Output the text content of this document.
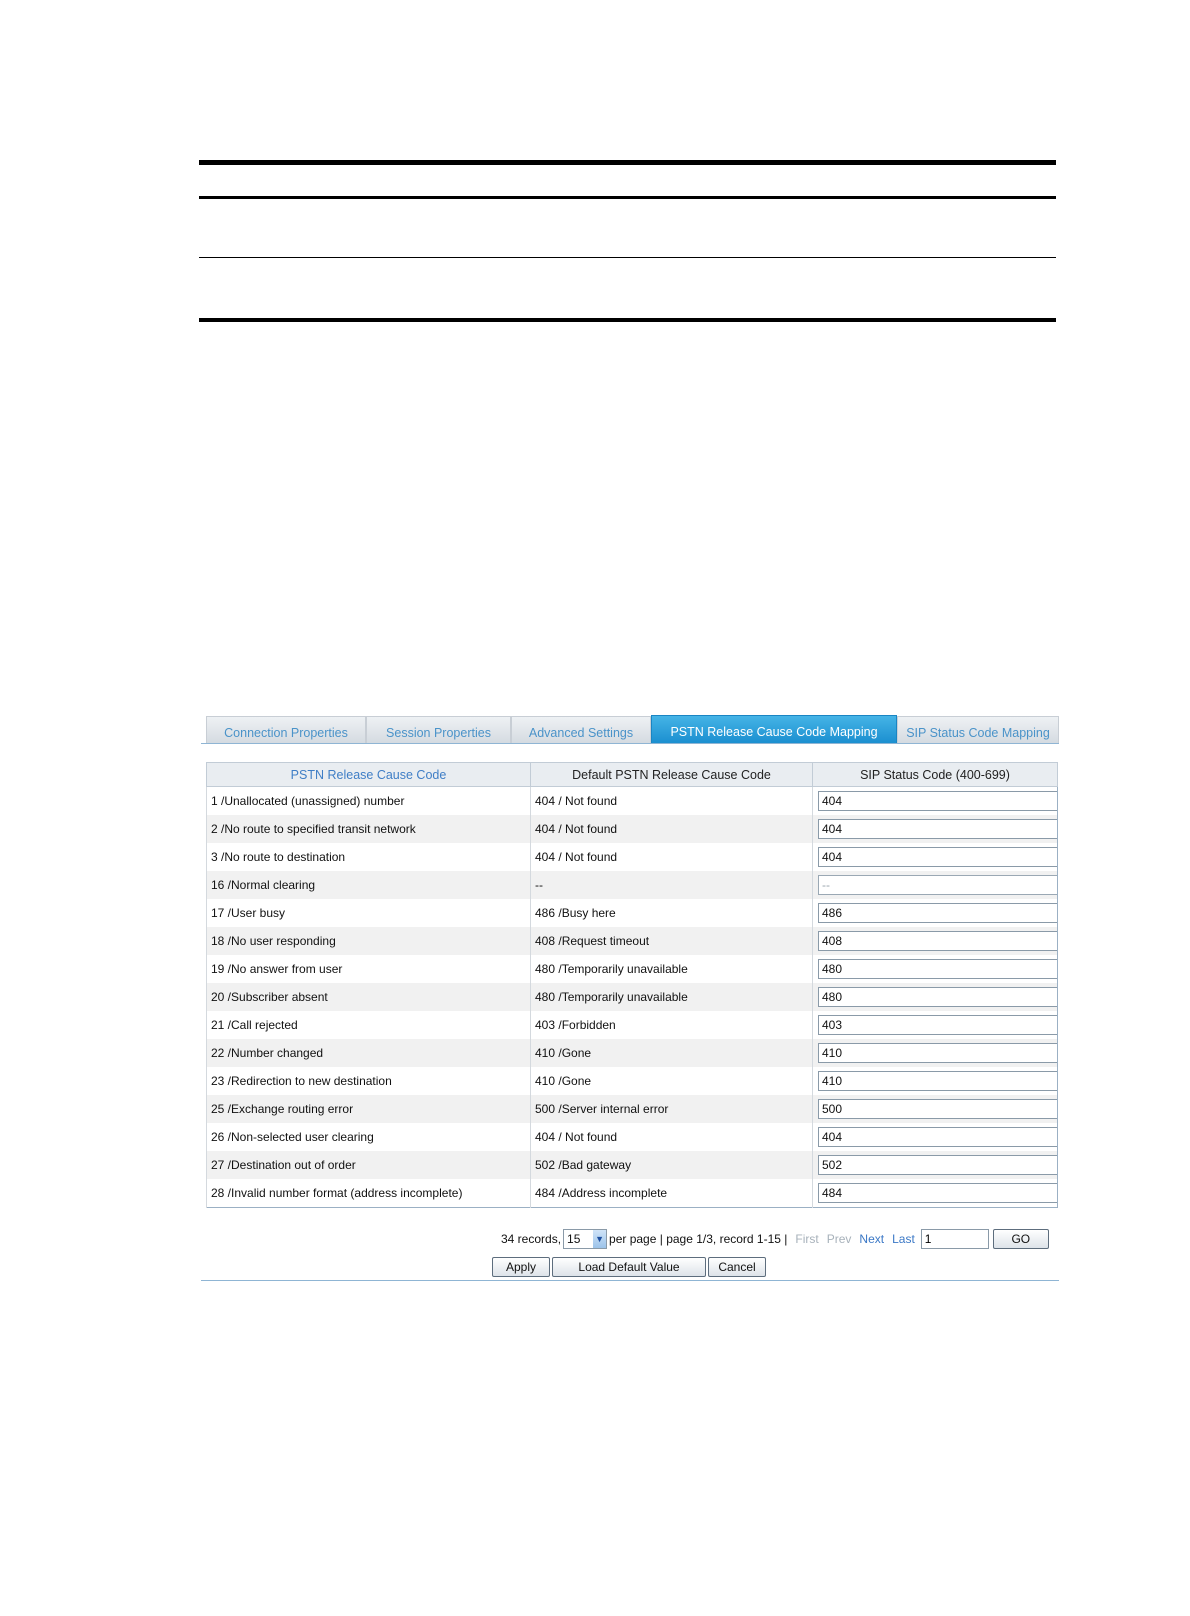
Connection Properties	Session Properties	Advanced Settings	PSTN Release Cause Code Mapping	SIP Status Code Mapping
PSTN Release Cause Code	Default PSTN Release Cause Code	SIP Status Code (400-699)
1 /Unallocated (unassigned) number	404 / Not found	404
2 /No route to specified transit network	404 / Not found	404
3 /No route to destination	404 / Not found	404
16 /Normal clearing	--	--
17 /User busy	486 /Busy here	486
18 /No user responding	408 /Request timeout	408
19 /No answer from user	480 /Temporarily unavailable	480
20 /Subscriber absent	480 /Temporarily unavailable	480
21 /Call rejected	403 /Forbidden	403
22 /Number changed	410 /Gone	410
23 /Redirection to new destination	410 /Gone	410
25 /Exchange routing error	500 /Server internal error	500
26 /Non-selected user clearing	404 / Not found	404
27 /Destination out of order	502 /Bad gateway	502
28 /Invalid number format (address incomplete)	484 /Address incomplete	484
34 records, 15 ▼ per page | page 1/3, record 1-15 | First Prev Next Last
1	GO
Apply	Load Default Value	Cancel
